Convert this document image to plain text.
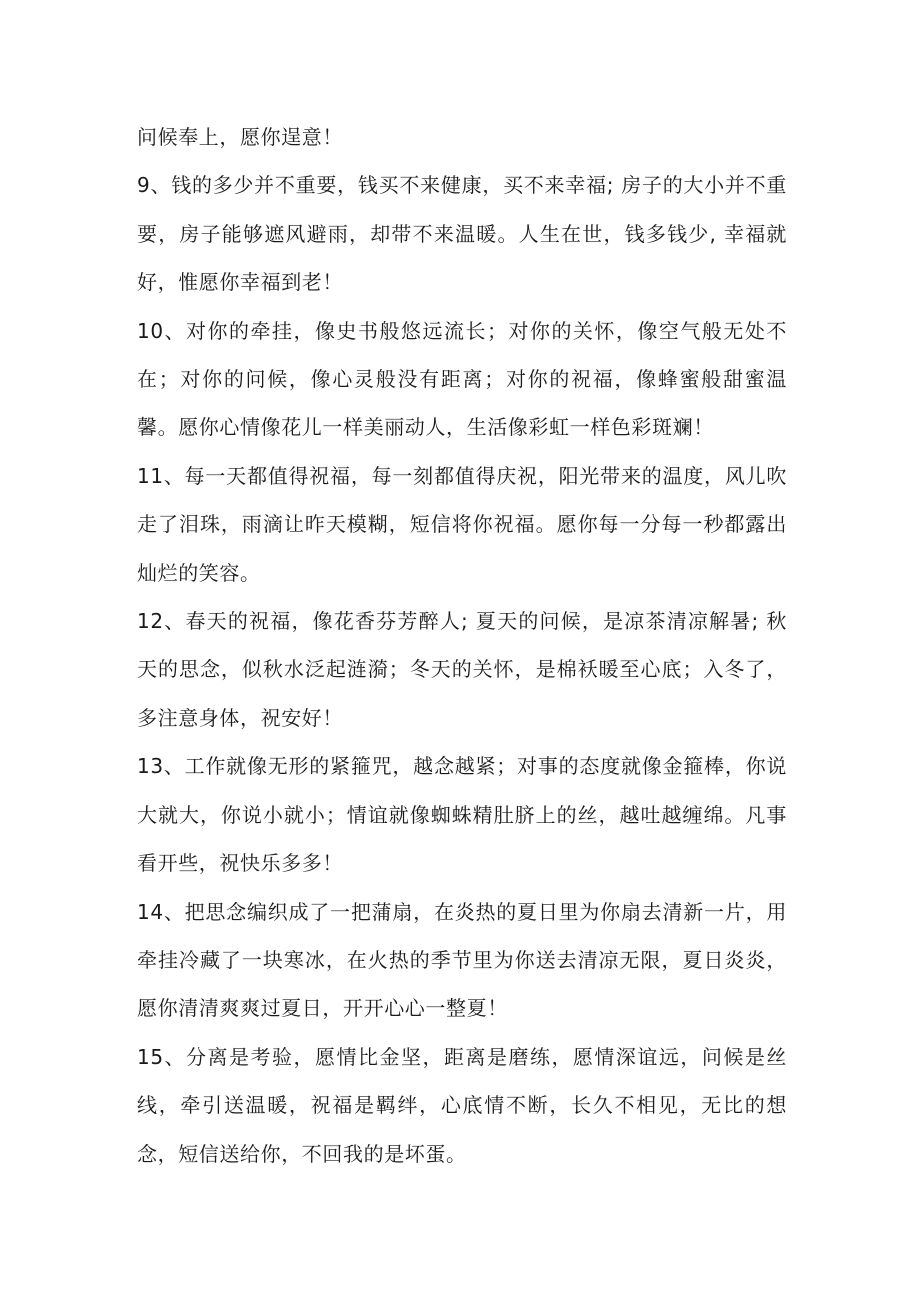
问候奉上，愿你逞意！

9、钱的多少并不重要，钱买不来健康，买不来幸福; 房子的大小并不重要，房子能够遮风避雨，却带不来温暖。人生在世，钱多钱少, 幸福就好，惟愿你幸福到老！

10、对你的牵挂，像史书般悠远流长；对你的关怀，像空气般无处不在；对你的问候，像心灵般没有距离；对你的祝福，像蜂蜜般甜蜜温馨。愿你心情像花儿一样美丽动人，生活像彩虹一样色彩斑斓！

11、每一天都值得祝福，每一刻都值得庆祝，阳光带来的温度，风儿吹走了泪珠，雨滴让昨天模糊，短信将你祝福。愿你每一分每一秒都露出灿烂的笑容。

12、春天的祝福，像花香芬芳醉人; 夏天的问候，是凉茶清凉解暑; 秋天的思念，似秋水泛起涟漪；冬天的关怀，是棉袄暖至心底；入冬了，多注意身体，祝安好！

13、工作就像无形的紧箍咒，越念越紧；对事的态度就像金箍棒，你说大就大，你说小就小；情谊就像蜘蛛精肚脐上的丝，越吐越缠绵。凡事看开些，祝快乐多多！

14、把思念编织成了一把蒲扇，在炎热的夏日里为你扇去清新一片，用牵挂冷藏了一块寒冰，在火热的季节里为你送去清凉无限，夏日炎炎，愿你清清爽爽过夏日，开开心心一整夏！

15、分离是考验，愿情比金坚，距离是磨练，愿情深谊远，问候是丝线，牵引送温暖，祝福是羁绊，心底情不断，长久不相见，无比的想念，短信送给你，不回我的是坏蛋。
